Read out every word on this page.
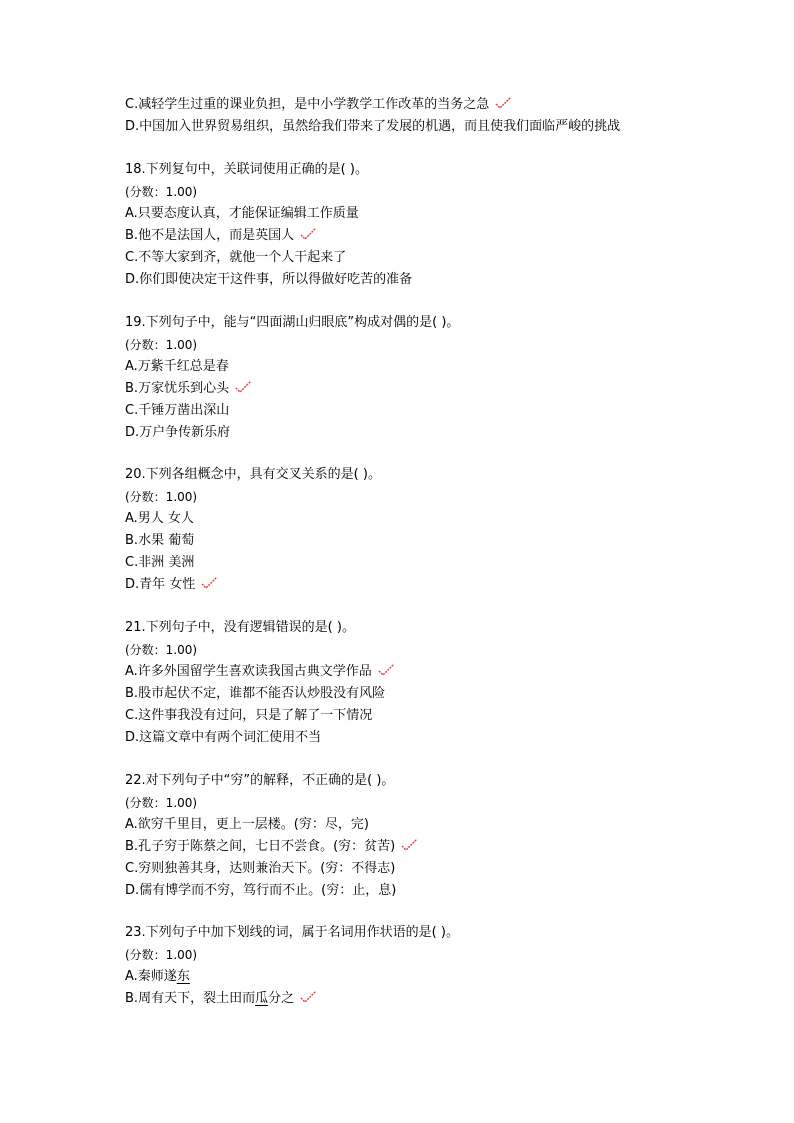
C.减轻学生过重的课业负担，是中小学教学工作改革的当务之急
D.中国加入世界贸易组织，虽然给我们带来了发展的机遇，而且使我们面临严峻的挑战
18.下列复句中，关联词使用正确的是( )。
(分数：1.00)
A.只要态度认真，才能保证编辑工作质量
B.他不是法国人，而是英国人
C.不等大家到齐，就他一个人干起来了
D.你们即使决定干这件事，所以得做好吃苦的准备
19.下列句子中，能与“四面湖山归眼底”构成对偶的是( )。
(分数：1.00)
A.万紫千红总是春
B.万家忧乐到心头
C.千锤万凿出深山
D.万户争传新乐府
20.下列各组概念中，具有交叉关系的是( )。
(分数：1.00)
A.男人 女人
B.水果 葡萄
C.非洲 美洲
D.青年 女性
21.下列句子中，没有逻辑错误的是( )。
(分数：1.00)
A.许多外国留学生喜欢读我国古典文学作品
B.股市起伏不定，谁都不能否认炒股没有风险
C.这件事我没有过问，只是了解了一下情况
D.这篇文章中有两个词汇使用不当
22.对下列句子中“穷”的解释，不正确的是( )。
(分数：1.00)
A.欲穷千里目，更上一层楼。(穷：尽，完)
B.孔子穷于陈蔡之间，七日不尝食。(穷：贫苦)
C.穷则独善其身，达则兼治天下。(穷：不得志)
D.儒有博学而不穷，笃行而不止。(穷：止，息)
23.下列句子中加下划线的词，属于名词用作状语的是( )。
(分数：1.00)
A.秦师遂东
B.周有天下，裂土田而瓜分之
